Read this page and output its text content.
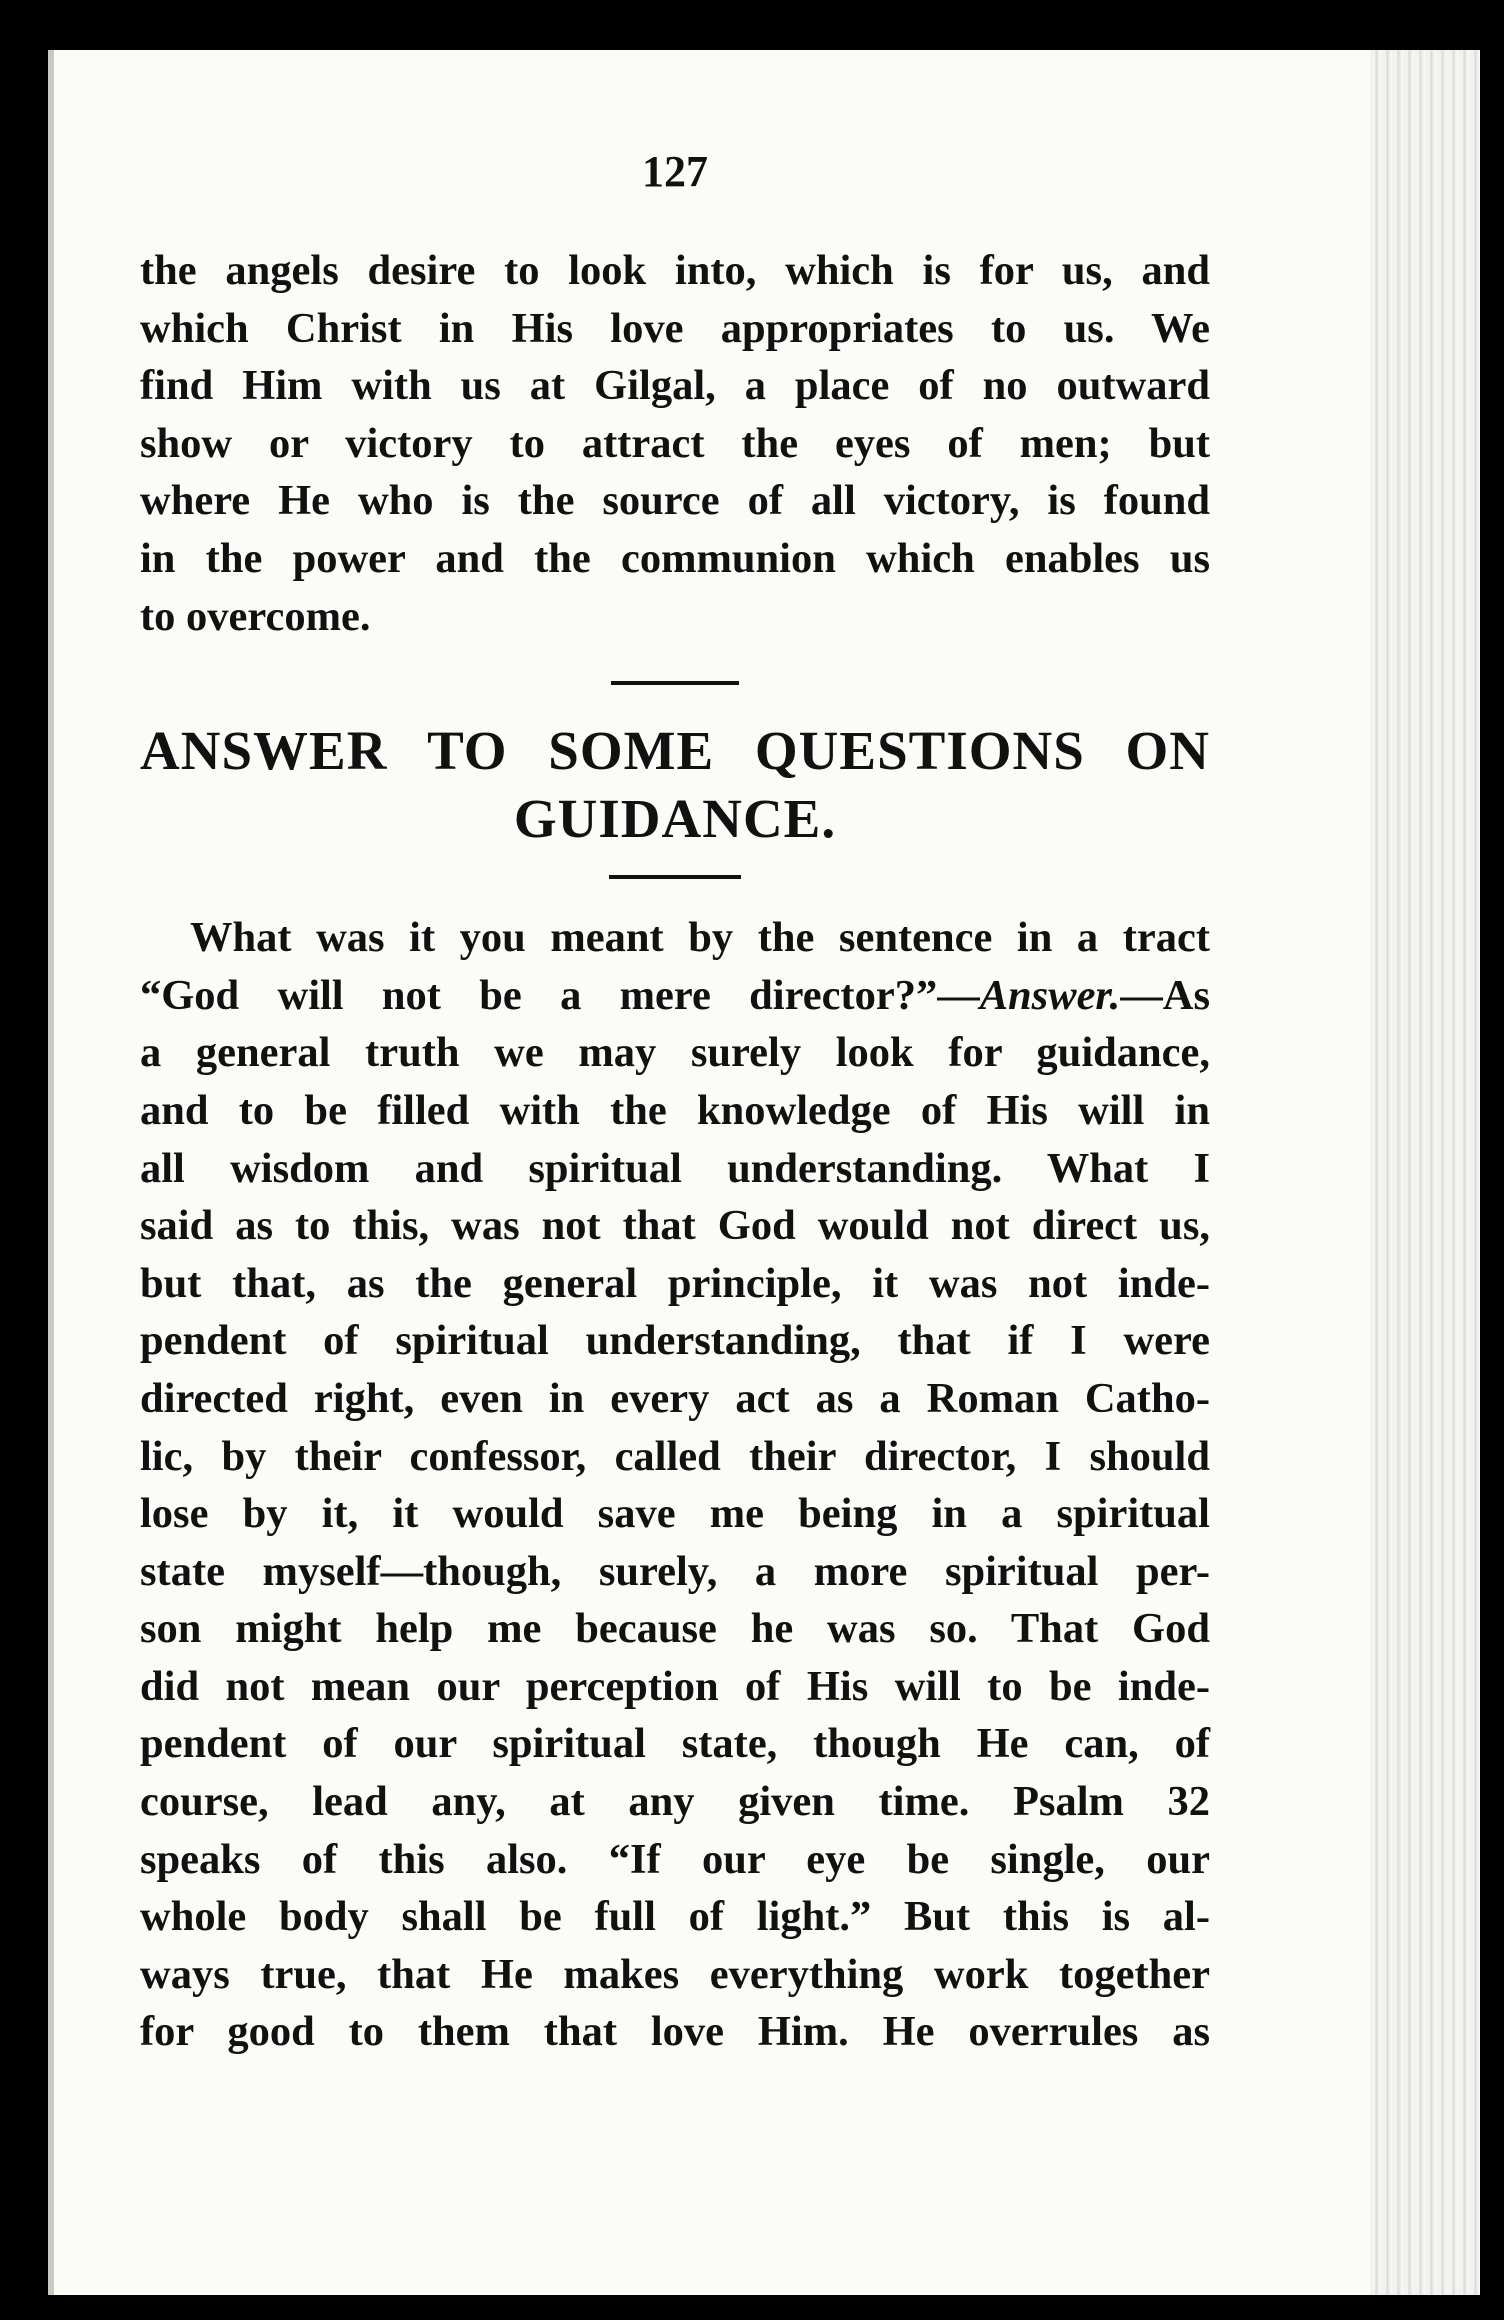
127
the angels desire to look into, which is for us, and
which Christ in His love appropriates to us. We
find Him with us at Gilgal, a place of no outward
show or victory to attract the eyes of men; but
where He who is the source of all victory, is found
in the power and the communion which enables us
to overcome.
ANSWER TO SOME QUESTIONS ON
GUIDANCE.
What was it you meant by the sentence in a tract
“God will not be a mere director?”—Answer.—As
a general truth we may surely look for guidance,
and to be filled with the knowledge of His will in
all wisdom and spiritual understanding. What I
said as to this, was not that God would not direct us,
but that, as the general principle, it was not inde-
pendent of spiritual understanding, that if I were
directed right, even in every act as a Roman Catho-
lic, by their confessor, called their director, I should
lose by it, it would save me being in a spiritual
state myself—though, surely, a more spiritual per-
son might help me because he was so. That God
did not mean our perception of His will to be inde-
pendent of our spiritual state, though He can, of
course, lead any, at any given time. Psalm 32
speaks of this also. “If our eye be single, our
whole body shall be full of light.” But this is al-
ways true, that He makes everything work together
for good to them that love Him. He overrules as
